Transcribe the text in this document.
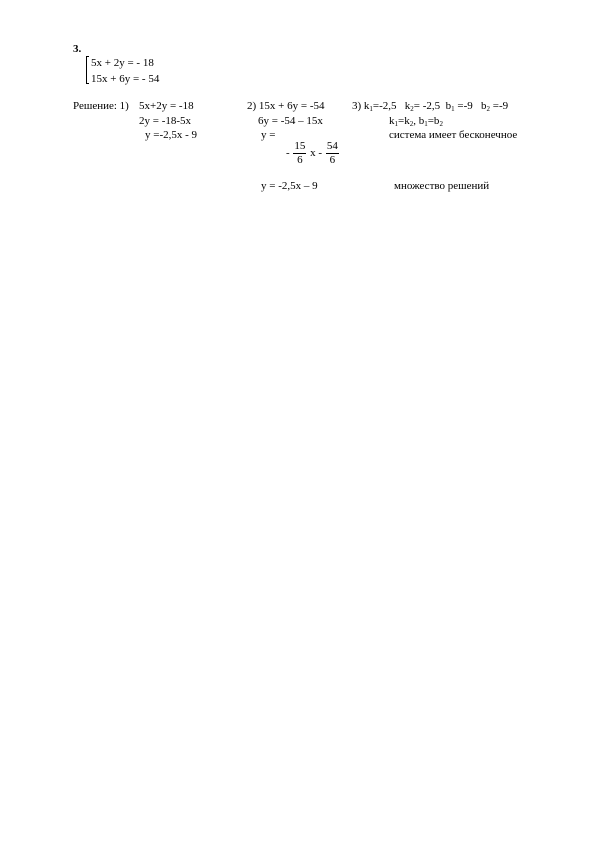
3.
5x + 2y = - 18
15x + 6y = - 54
Решение: 1) 5x+2y = -18
2y = -18-5x
y =-2,5x - 9
2) 15x + 6y = -54
6y = -54 – 15x
y =
- $\frac{15}{6}$ x - $\frac{54}{6}$
y = -2,5x – 9
3) $k_1=-2,5$ $k_2= -2,5$ $b_1 =-9$ $b_2 =-9$
$k_1=k_2$, $b_1=b_2$
система имеет бесконечное
множество решений
